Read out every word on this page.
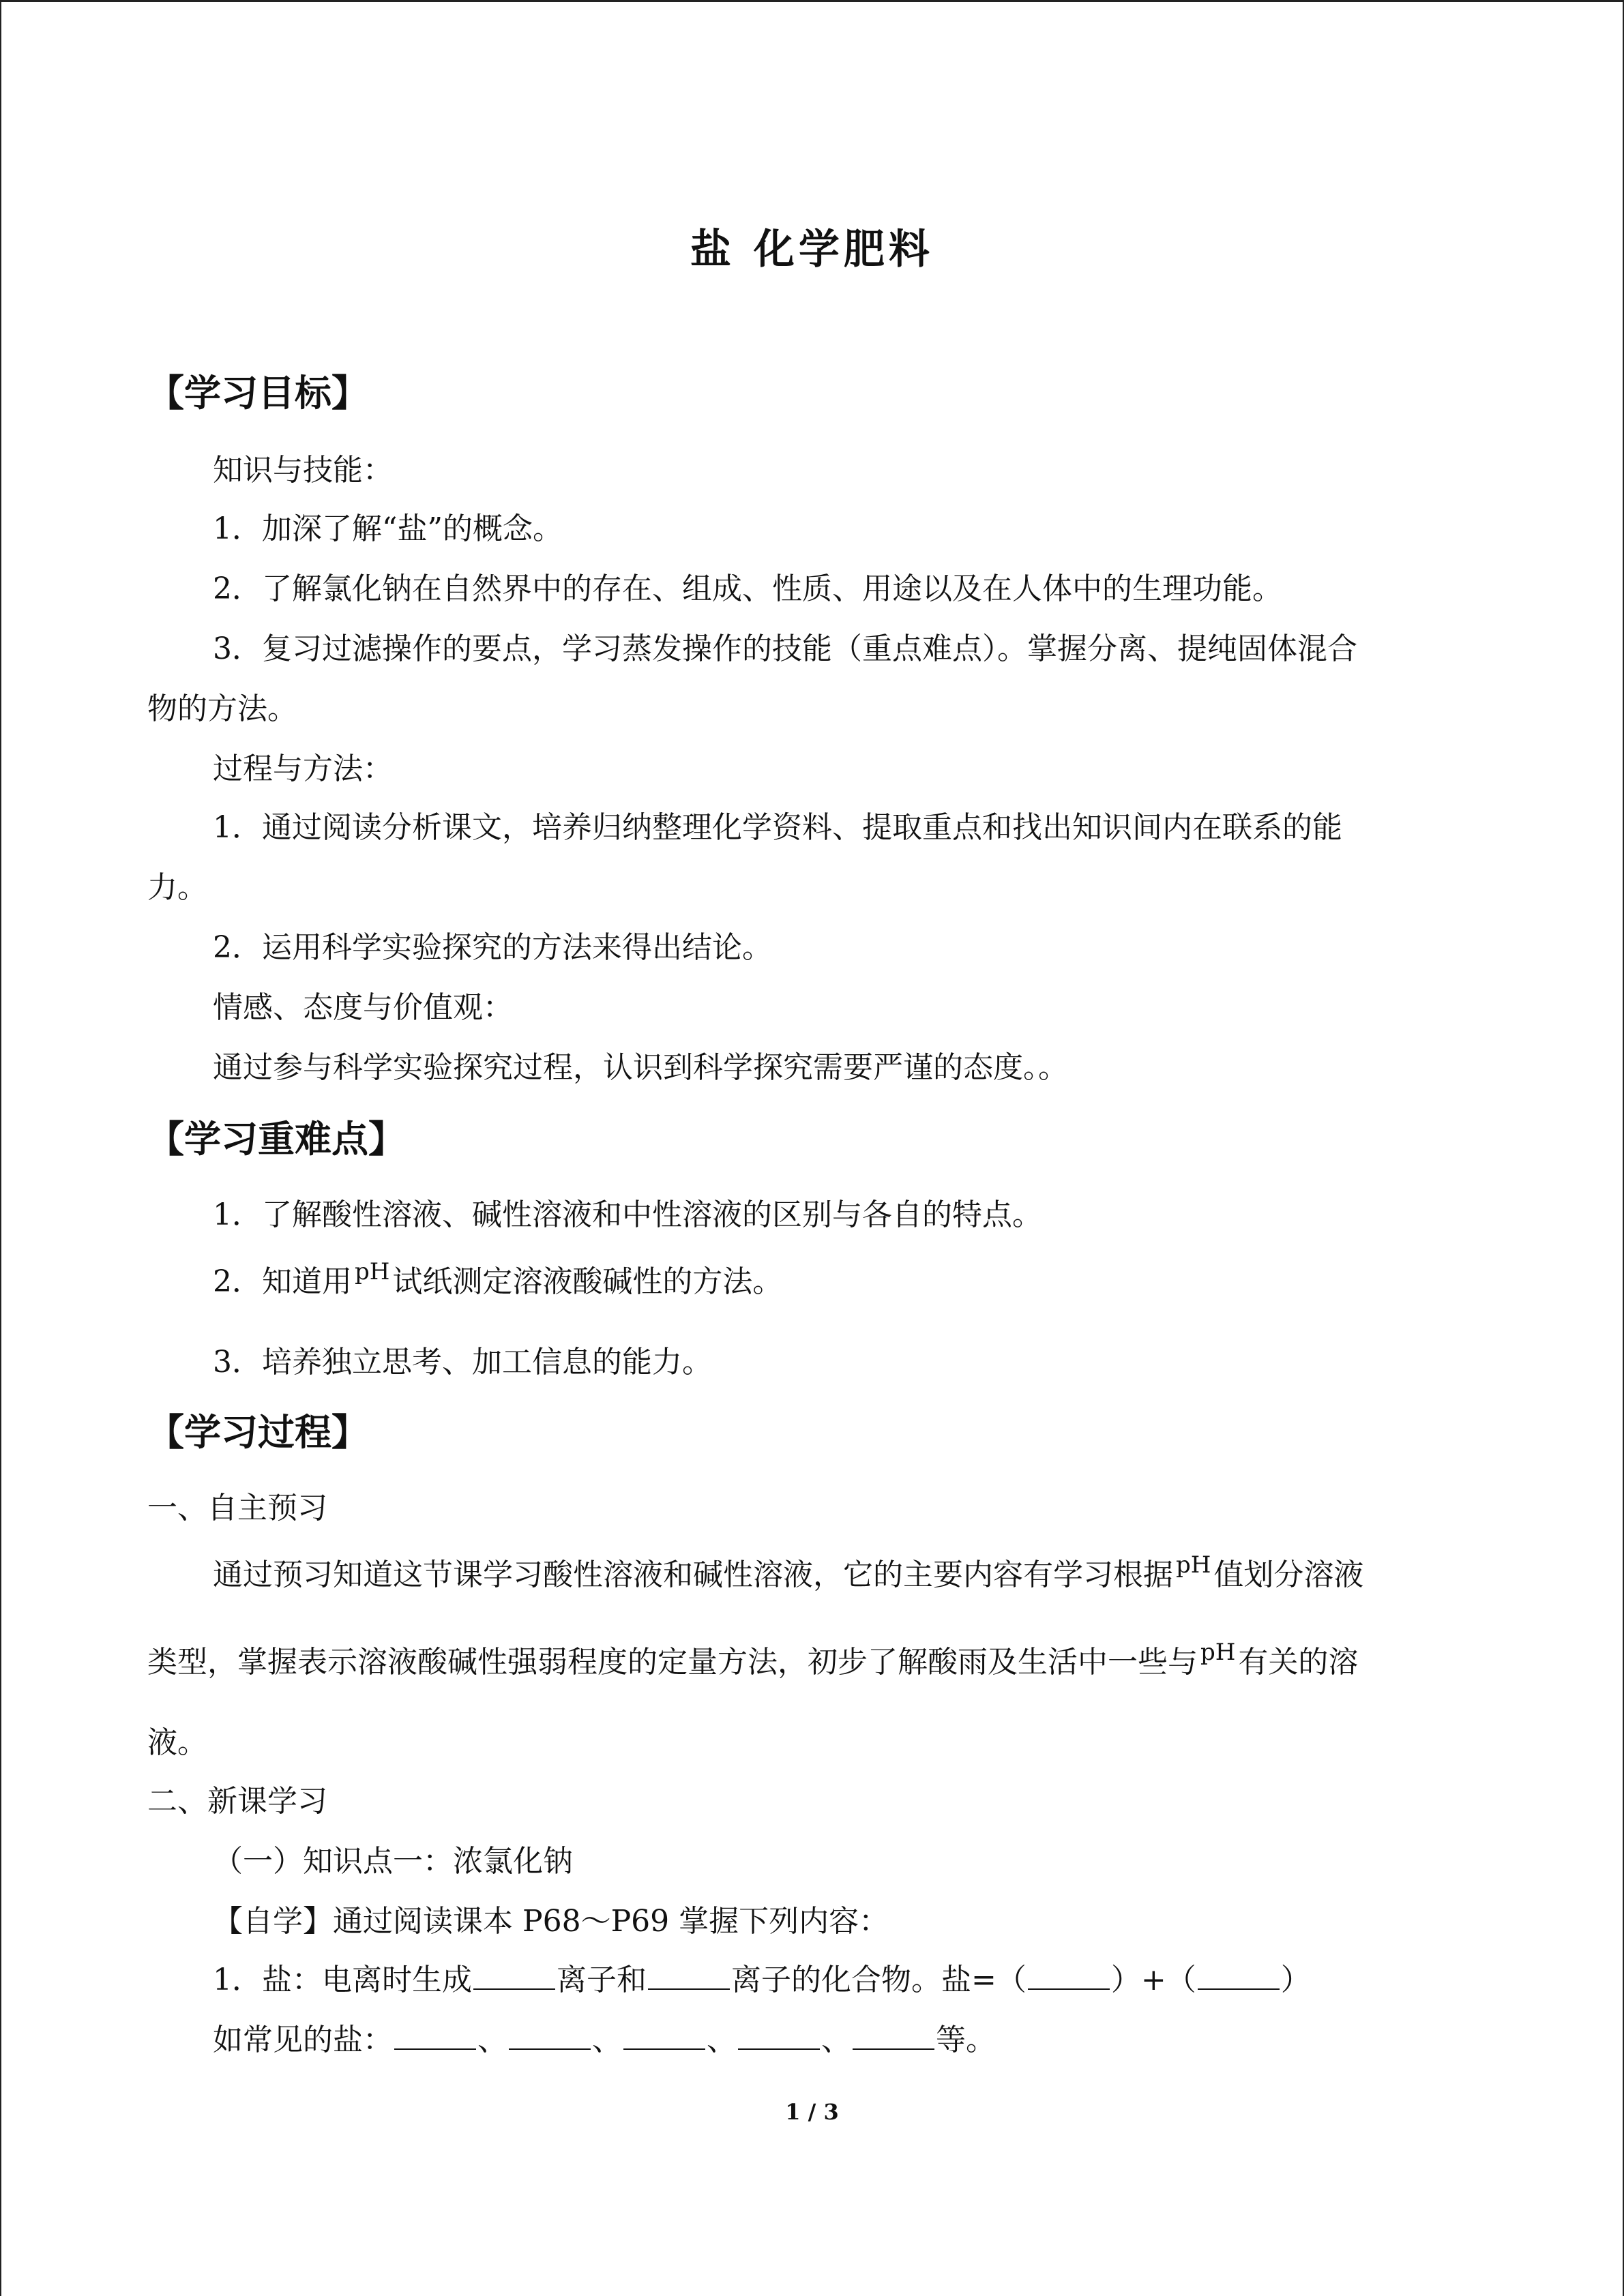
盐 化学肥料
【学习目标】
知识与技能：
1．加深了解“盐”的概念。
2．了解氯化钠在自然界中的存在、组成、性质、用途以及在人体中的生理功能。
3．复习过滤操作的要点，学习蒸发操作的技能（重点难点）。掌握分离、提纯固体混合
物的方法。
过程与方法：
1．通过阅读分析课文，培养归纳整理化学资料、提取重点和找出知识间内在联系的能
力。
2．运用科学实验探究的方法来得出结论。
情感、态度与价值观：
通过参与科学实验探究过程，认识到科学探究需要严谨的态度。。
【学习重难点】
1．了解酸性溶液、碱性溶液和中性溶液的区别与各自的特点。
2．知道用 pH试纸测定溶液酸碱性的方法。
3．培养独立思考、加工信息的能力。
【学习过程】
一、自主预习
通过预习知道这节课学习酸性溶液和碱性溶液，它的主要内容有学习根据 pH值划分溶液
类型，掌握表示溶液酸碱性强弱程度的定量方法，初步了解酸雨及生活中一些与 pH有关的溶
液。
二、新课学习
（一）知识点一：浓氯化钠
【自学】通过阅读课本 P68～P69 掌握下列内容：
1．盐：电离时生成	离子和	离子的化合物。盐=（	）+（	）
如常见的盐：	、	、	、	、	等。
1 / 3
